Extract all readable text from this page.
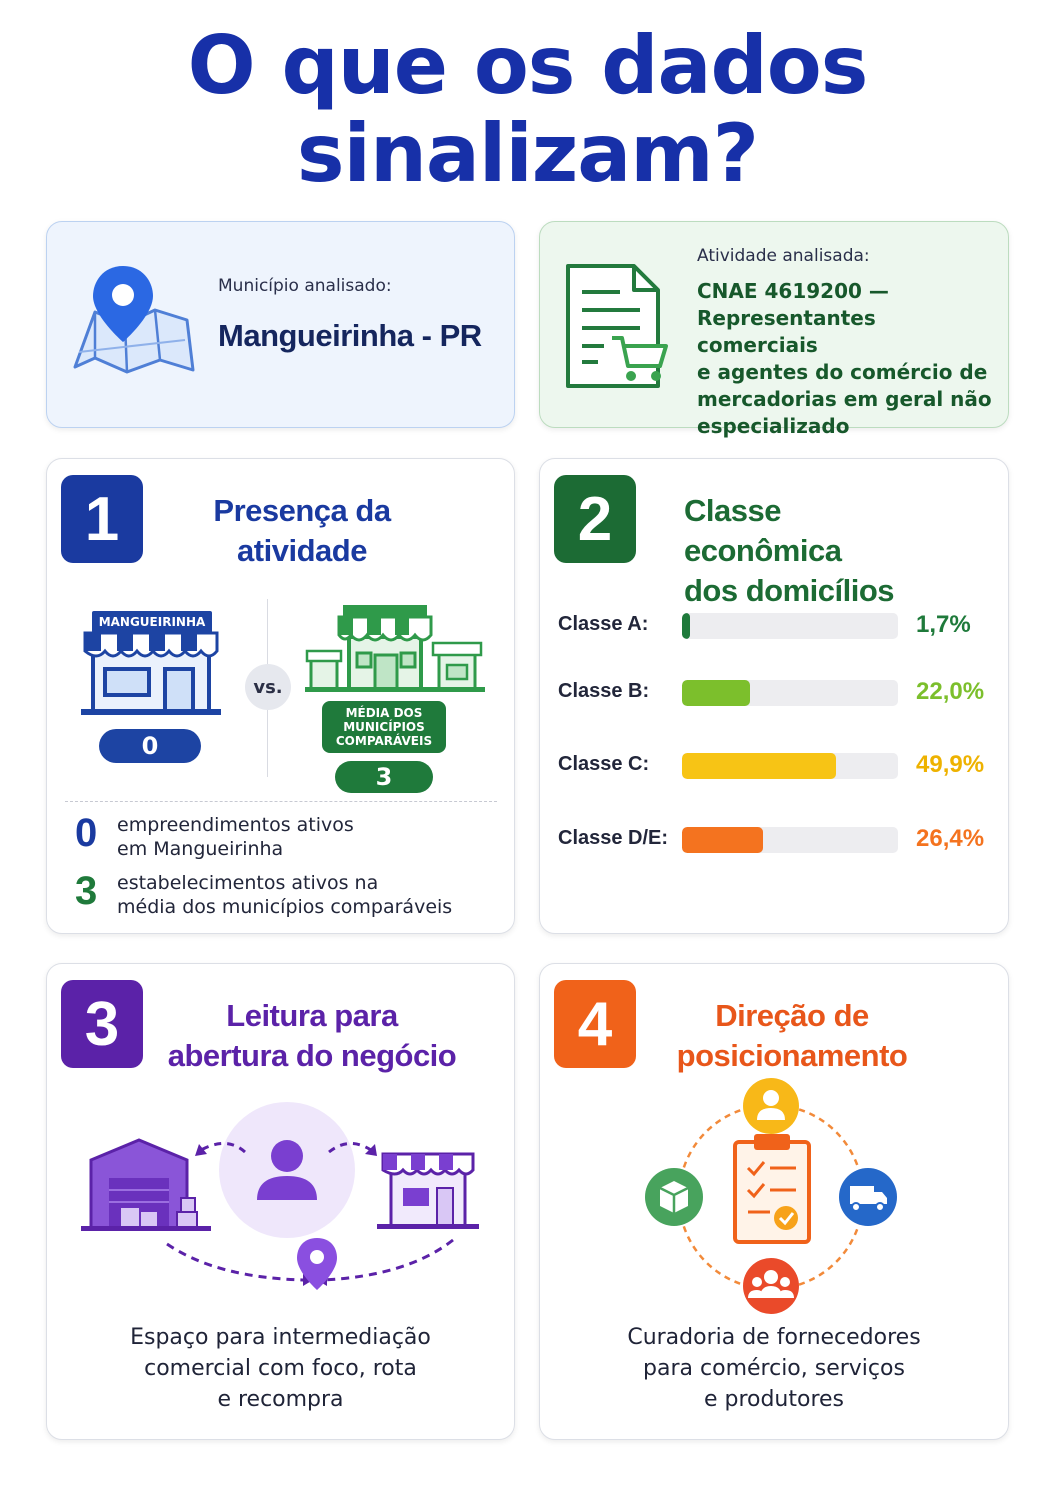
O que os dados
sinalizam?
Município analisado:
Mangueirinha - PR
Atividade analisada:
CNAE 4619200 —
Representantes comerciais
e agentes do comércio de
mercadorias em geral não
especializado
1	Presença da
atividade
MANGUEIRINHA
0
vs.
MÉDIA DOS
MUNICÍPIOS
COMPARÁVEIS
3
0 empreendimentos ativos
em Mangueirinha
3 estabelecimentos ativos na
média dos municípios comparáveis
2	Classe econômica
dos domicílios
Classe A:	1,7%
Classe B:	22,0%
Classe C:	49,9%
Classe D/E:	26,4%
3	Leitura para
abertura do negócio
Espaço para intermediação
comercial com foco, rota
e recompra
4	Direção de
posicionamento
Curadoria de fornecedores
para comércio, serviços
e produtores
